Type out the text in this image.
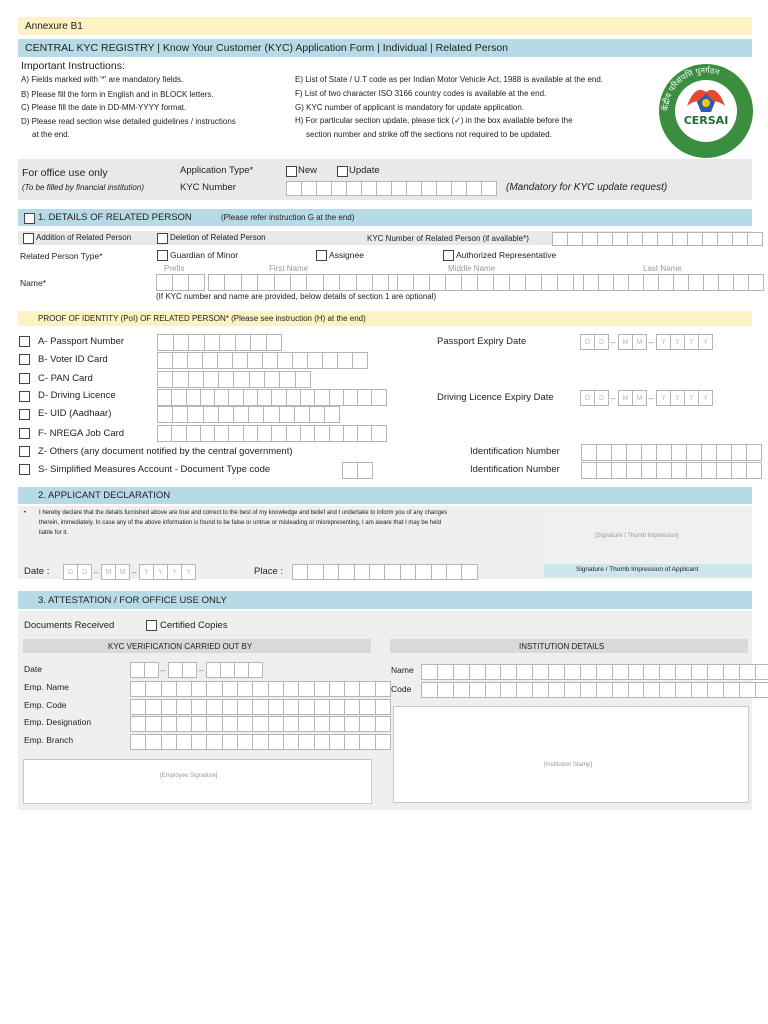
Annexure B1
CENTRAL KYC REGISTRY | Know Your Customer (KYC) Application Form | Individual | Related Person
Important Instructions:
A) Fields marked with '*' are mandatory fields.
B) Please fill the form in English and in BLOCK letters.
C) Please fill the date in DD-MM-YYYY format.
D) Please read section wise detailed guidelines / instructions
at the end.
E) List of State / U.T code as per Indian Motor Vehicle Act, 1988 is available at the end.
F) List of two character ISO 3166 country codes is available at the end.
G) KYC number of applicant is mandatory for update application.
H) For particular section update, please tick (✓) in the box available before the
section number and strike off the sections not required to be updated.
केंद्रीय परिसंपत्ति पुनर्गठन
CERSAI
For office use only
(To be filled by financial institution)
Application Type*	New	Update
KYC Number	(Mandatory for KYC update request)
1. DETAILS OF RELATED PERSON	(Please refer instruction G at the end)
Addition of Related Person	Deletion of Related Person	KYC Number of Related Person (if available*)
Related Person Type*	Guardian of Minor	Assignee	Authorized Representative
Prefix	First Name	Middle Name	Last Name
Name*
(If KYC number and name are provided, below details of section 1 are optional)
PROOF OF IDENTITY (PoI) OF RELATED PERSON* (Please see instruction (H) at the end)
A- Passport Number	Passport Expiry Date	D	D –	M	M –	Y	Y	Y	Y
B- Voter ID Card
C- PAN Card
D- Driving Licence	Driving Licence Expiry Date	D	D –	M	M –	Y	Y	Y	Y
E- UID (Aadhaar)
F- NREGA Job Card
Z- Others (any document notified by the central government)	Identification Number
S- Simplified Measures Account - Document Type code	Identification Number
2. APPLICANT DECLARATION
• I hereby declare that the details furnished above are true and correct to the best of my knowledge and belief and I undertake to inform you of any changes
therein, immediately. In case any of the above information is found to be false or untrue or misleading or misrepresenting, I am aware that I may be held
liable for it.	[Signature / Thumb Impression]
Signature / Thumb Impression of Applicant
Date :	D	D –	M	M –	Y	Y	Y	Y	Place :
3. ATTESTATION / FOR OFFICE USE ONLY
Documents Received	Certified Copies
KYC VERIFICATION CARRIED OUT BY	INSTITUTION DETAILS
Date	–	–
Emp. Name
Emp. Code
Emp. Designation
Emp. Branch
Name
Code
[Employee Signature]
[Institution Stamp]
